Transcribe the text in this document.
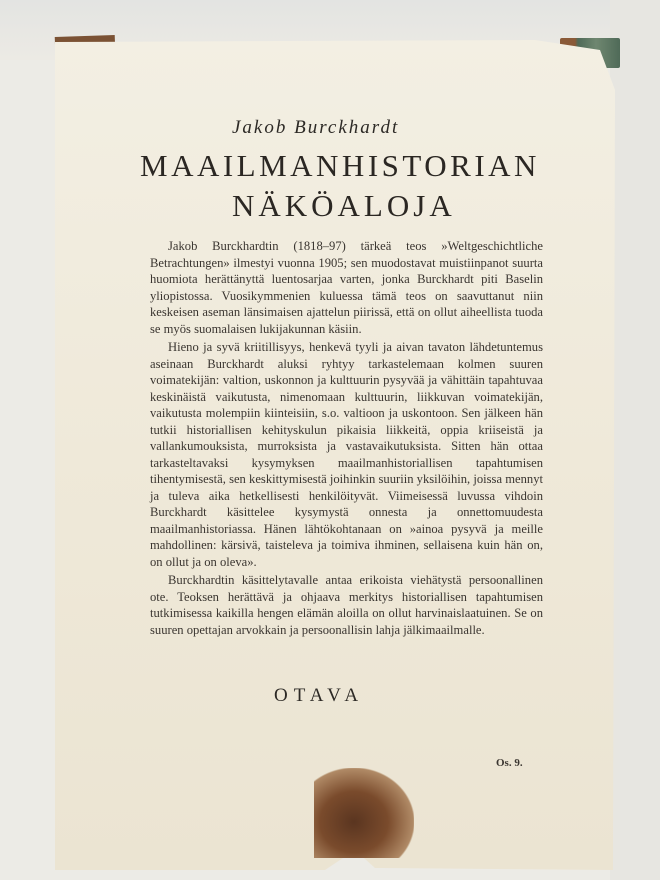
Jakob Burckhardt
MAAILMANHISTORIAN
NÄKÖALOJA

Jakob Burckhardtin (1818–97) tärkeä teos »Weltgeschichtliche Betrachtungen» ilmestyi vuonna 1905; sen muodostavat muistiinpanot suurta huomiota herättänyttä luentosarjaa varten, jonka Burckhardt piti Baselin yliopistossa. Vuosikymmenien kuluessa tämä teos on saavuttanut niin keskeisen aseman länsimaisen ajattelun piirissä, että on ollut aiheellista tuoda se myös suomalaisen lukijakunnan käsiin.

Hieno ja syvä kriitillisyys, henkevä tyyli ja aivan tavaton lähdetuntemus aseinaan Burckhardt aluksi ryhtyy tarkastelemaan kolmen suuren voimatekijän: valtion, uskonnon ja kulttuurin pysyvää ja vähittäin tapahtuvaa keskinäistä vaikutusta, nimenomaan kulttuurin, liikkuvan voimatekijän, vaikutusta molempiin kiinteisiin, s.o. valtioon ja uskontoon. Sen jälkeen hän tutkii historiallisen kehityskulun pikaisia liikkeitä, oppia kriiseistä ja vallankumouksista, murroksista ja vastavaikutuksista. Sitten hän ottaa tarkasteltavaksi kysymyksen maailmanhistoriallisen tapahtumisen tihentymisestä, sen keskittymisestä joihinkin suuriin yksilöihin, joissa mennyt ja tuleva aika hetkellisesti henkilöityvät. Viimeisessä luvussa vihdoin Burckhardt käsittelee kysymystä onnesta ja onnettomuudesta maailmanhistoriassa. Hänen lähtökohtanaan on »ainoa pysyvä ja meille mahdollinen: kärsivä, taisteleva ja toimiva ihminen, sellaisena kuin hän on, on ollut ja on oleva».

Burckhardtin käsittelytavalle antaa erikoista viehätystä persoonallinen ote. Teoksen herättävä ja ohjaava merkitys historiallisen tapahtumisen tutkimisessa kaikilla hengen elämän aloilla on ollut harvinaislaatuinen. Se on suuren opettajan arvokkain ja persoonallisin lahja jälkimaailmalle.

OTAVA
Os. 9.
